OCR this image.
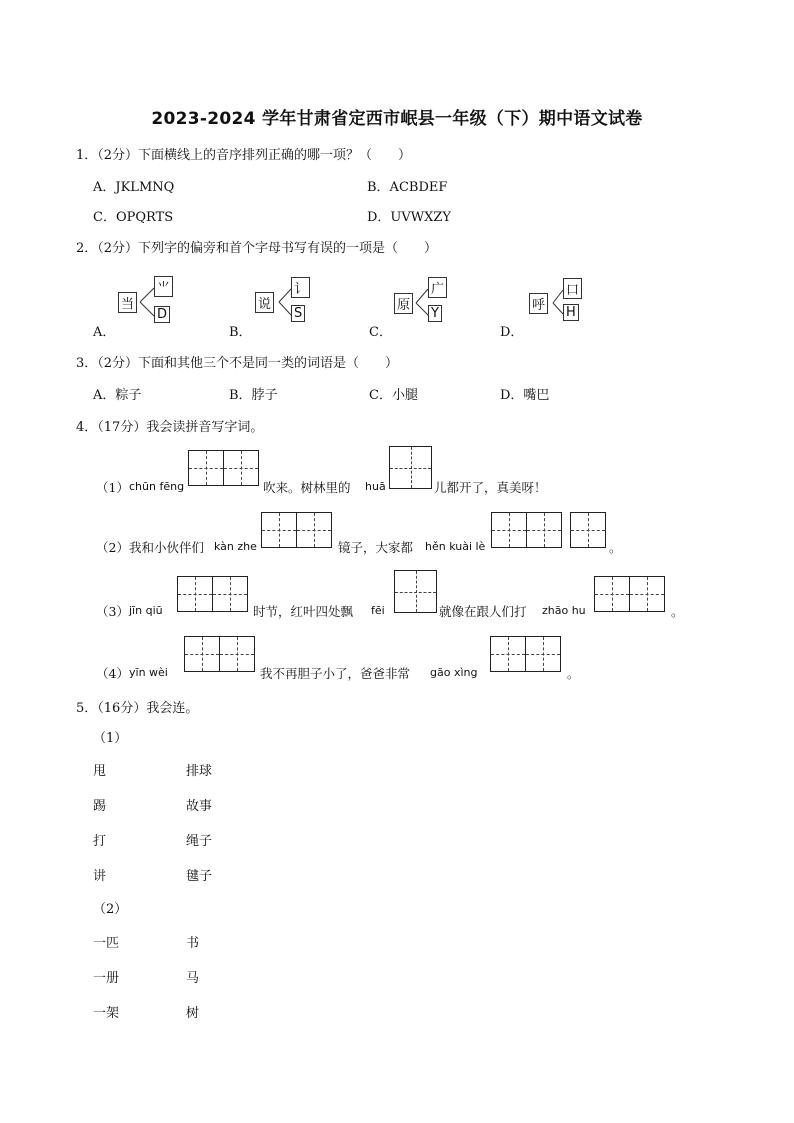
2023-2024 学年甘肃省定西市岷县一年级（下）期中语文试卷
1．（2分）下面横线上的音序排列正确的哪一项？（　　）
A．JKLMNQ	B．ACBDEF
C．OPQRTS	D．UVWXZY
2．（2分）下列字的偏旁和首个字母书写有误的一项是（　　）
A．
当
⺌
D
B．
说
讠
S
C．
原
广
Y
D．
呼
口
H
3．（2分）下面和其他三个不是同一类的词语是（　　）
A．粽子	B．脖子	C．小腿	D．嘴巴
4．（17分）我会读拼音写字词。
（1） chūn fēng	吹来。树林里的 huā	儿都开了，真美呀！
（2）我和小伙伴们 kàn zhe	镜子，大家都 hěn kuài lè	。
（3） jīn qiū	时节，红叶四处飘 fēi	就像在跟人们打 zhāo hu	。
（4） yīn wèi	我不再胆子小了，爸爸非常 gāo xìng	。
5．（16分）我会连。
（1）
甩	排球
踢	故事
打	绳子
讲	毽子
（2）
一匹	书
一册	马
一架	树
